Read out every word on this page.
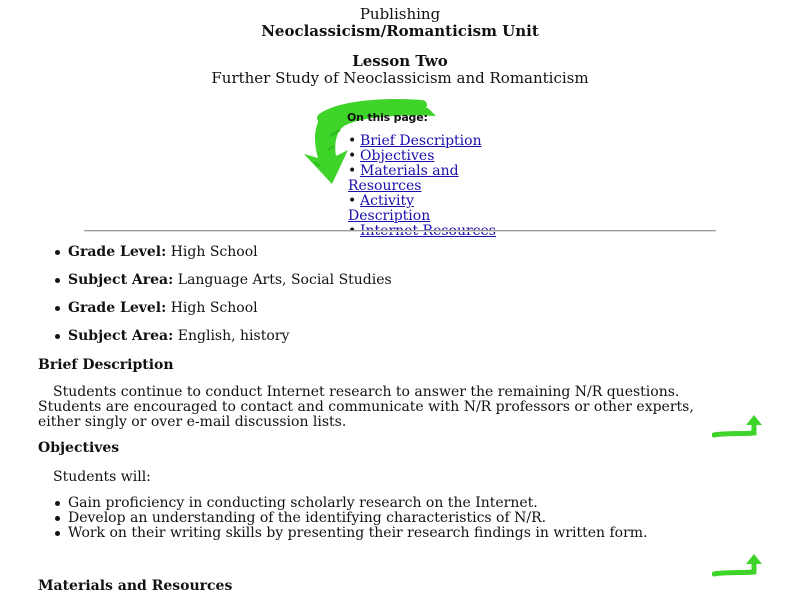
Publishing
Neoclassicism/Romanticism Unit
Lesson Two
Further Study of Neoclassicism and Romanticism
On this page:
• Brief Description
• Objectives
• Materials and Resources
• Activity Description
• Internet Resources
Grade Level: High School
Subject Area: Language Arts, Social Studies
Grade Level: High School
Subject Area: English, history
Brief Description
Students continue to conduct Internet research to answer the remaining N/R questions. Students are encouraged to contact and communicate with N/R professors or other experts, either singly or over e-mail discussion lists.
Objectives
Students will:
Gain proficiency in conducting scholarly research on the Internet.
Develop an understanding of the identifying characteristics of N/R.
Work on their writing skills by presenting their research findings in written form.
Materials and Resources
